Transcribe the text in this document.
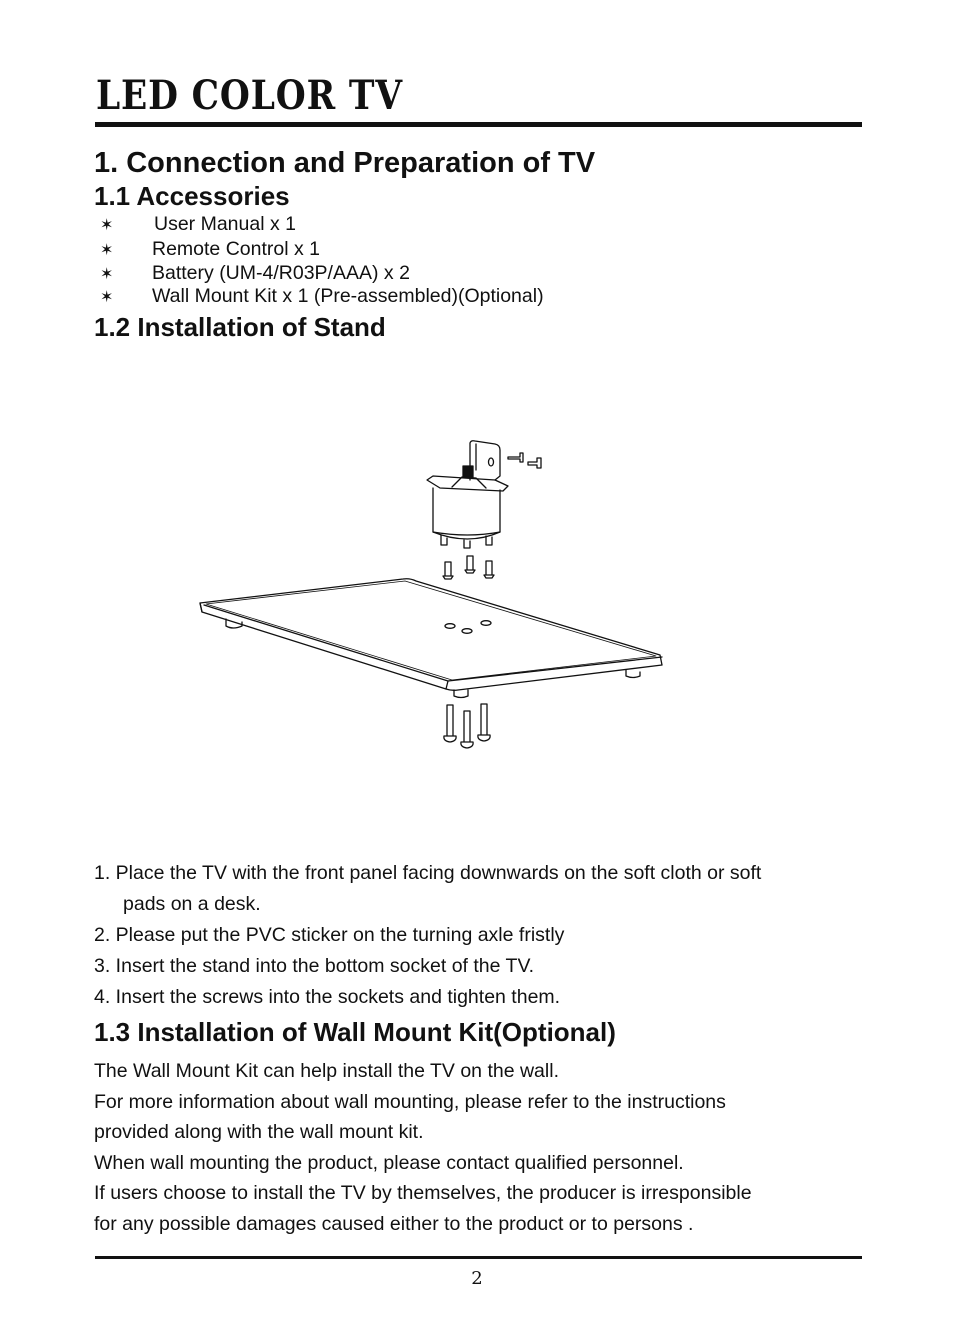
LED COLOR TV
1. Connection and Preparation of TV
1.1 Accessories
✶ User Manual x 1
✶ Remote Control x 1
✶ Battery (UM-4/R03P/AAA) x 2
✶ Wall Mount Kit x 1 (Pre-assembled)(Optional)
1.2 Installation of Stand
1. Place the TV with the front panel facing downwards on the soft cloth or soft
pads on a desk.
2. Please put the PVC sticker on the turning axle fristly
3. Insert the stand into the bottom socket of the TV.
4. Insert the screws into the sockets and tighten them.
1.3 Installation of Wall Mount Kit(Optional)

The Wall Mount Kit can help install the TV on the wall.

For more information about wall mounting, please refer to the instructions

provided along with the wall mount kit.

When wall mounting the product, please contact qualified personnel.

If users choose to install the TV by themselves, the producer is irresponsible

for any possible damages caused either to the product or to persons .

2
